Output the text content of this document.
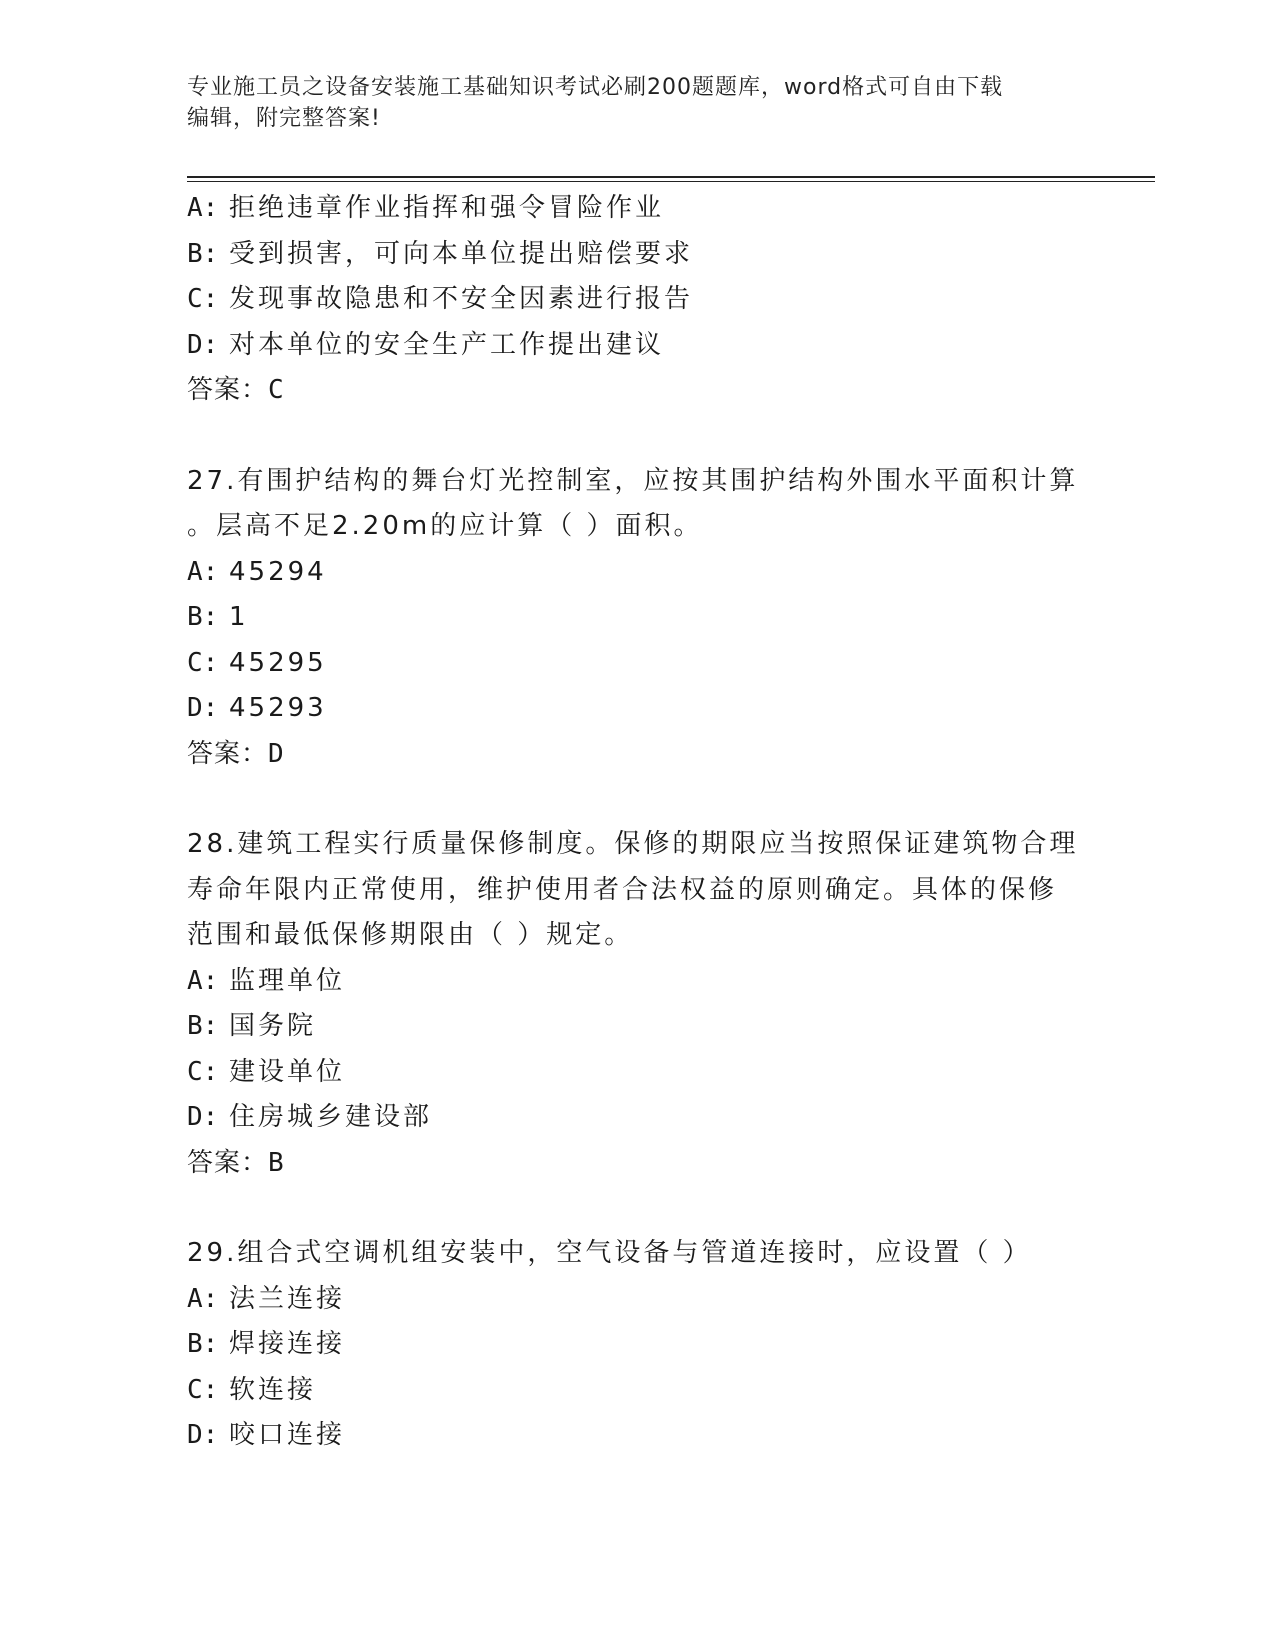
专业施工员之设备安装施工基础知识考试必刷200题题库，word格式可自由下载
编辑，附完整答案!
A: 拒绝违章作业指挥和强令冒险作业
B: 受到损害，可向本单位提出赔偿要求
C: 发现事故隐患和不安全因素进行报告
D: 对本单位的安全生产工作提出建议
答案：C
27.有围护结构的舞台灯光控制室，应按其围护结构外围水平面积计算
。层高不足2.20m的应计算（ ）面积。
A: 45294
B: 1
C: 45295
D: 45293
答案：D
28.建筑工程实行质量保修制度。保修的期限应当按照保证建筑物合理
寿命年限内正常使用，维护使用者合法权益的原则确定。具体的保修
范围和最低保修期限由（ ）规定。
A: 监理单位
B: 国务院
C: 建设单位
D: 住房城乡建设部
答案：B
29.组合式空调机组安装中，空气设备与管道连接时，应设置（ ）
A: 法兰连接
B: 焊接连接
C: 软连接
D: 咬口连接
